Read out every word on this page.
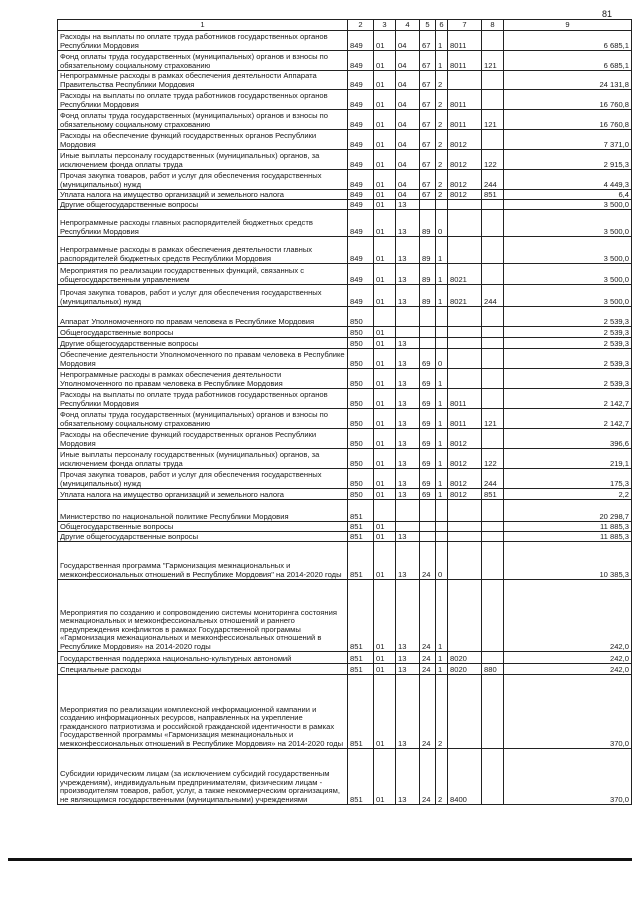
81
1	2	3	4	5	6	7	8	9
Расходы на выплаты по оплате труда работников государственных органов Республики Мордовия	849	01	04	67	1	8011		6 685,1
Фонд оплаты труда государственных (муниципальных) органов и взносы по обязательному социальному страхованию	849	01	04	67	1	8011	121	6 685,1
Непрограммные расходы в рамках обеспечения деятельности Аппарата Правительства Республики Мордовия	849	01	04	67	2			24 131,8
Расходы на выплаты по оплате труда работников государственных органов Республики Мордовия	849	01	04	67	2	8011		16 760,8
Фонд оплаты труда государственных (муниципальных) органов и взносы по обязательному социальному страхованию	849	01	04	67	2	8011	121	16 760,8
Расходы на обеспечение функций государственных органов Республики Мордовия	849	01	04	67	2	8012		7 371,0
Иные выплаты персоналу государственных (муниципальных) органов, за исключением фонда оплаты труда	849	01	04	67	2	8012	122	2 915,3
Прочая закупка товаров, работ и услуг для обеспечения государственных (муниципальных) нужд	849	01	04	67	2	8012	244	4 449,3
Уплата налога на имущество организаций и земельного налога	849	01	04	67	2	8012	851	6,4
Другие общегосударственные вопросы	849	01	13					3 500,0
Непрограммные расходы главных распорядителей бюджетных средств Республики Мордовия	849	01	13	89	0			3 500,0
Непрограммные расходы в рамках обеспечения деятельности главных распорядителей бюджетных средств Республики Мордовия	849	01	13	89	1			3 500,0
Мероприятия по реализации государственных функций, связанных с общегосударственным управлением	849	01	13	89	1	8021		3 500,0
Прочая закупка товаров, работ и услуг для обеспечения государственных (муниципальных) нужд	849	01	13	89	1	8021	244	3 500,0
Аппарат Уполномоченного по правам человека в Республике Мордовия	850							2 539,3
Общегосударственные вопросы	850	01						2 539,3
Другие общегосударственные вопросы	850	01	13					2 539,3
Обеспечение деятельности Уполномоченного по правам человека в Республике Мордовия	850	01	13	69	0			2 539,3
Непрограммные расходы в рамках обеспечения деятельности Уполномоченного по правам человека в Республике Мордовия	850	01	13	69	1			2 539,3
Расходы на выплаты по оплате труда работников государственных органов Республики Мордовия	850	01	13	69	1	8011		2 142,7
Фонд оплаты труда государственных (муниципальных) органов и взносы по обязательному социальному страхованию	850	01	13	69	1	8011	121	2 142,7
Расходы на обеспечение функций государственных органов Республики Мордовия	850	01	13	69	1	8012		396,6
Иные выплаты персоналу государственных (муниципальных) органов, за исключением фонда оплаты труда	850	01	13	69	1	8012	122	219,1
Прочая закупка товаров, работ и услуг для обеспечения государственных (муниципальных) нужд	850	01	13	69	1	8012	244	175,3
Уплата налога на имущество организаций и земельного налога	850	01	13	69	1	8012	851	2,2
Министерство по национальной политике Республики Мордовия	851							20 298,7
Общегосударственные вопросы	851	01						11 885,3
Другие общегосударственные вопросы	851	01	13					11 885,3
Государственная программа "Гармонизация межнациональных и межконфессиональных отношений в Республике Мордовия" на 2014-2020 годы	851	01	13	24	0			10 385,3
Мероприятия по созданию и сопровождению системы мониторинга состояния межнациональных и межконфессиональных отношений и раннего предупреждения конфликтов в рамках Государственной программы «Гармонизация межнациональных и межконфессиональных отношений в Республике Мордовия» на 2014-2020 годы	851	01	13	24	1			242,0
Государственная поддержка национально-культурных автономий	851	01	13	24	1	8020		242,0
Специальные расходы	851	01	13	24	1	8020	880	242,0
Мероприятия по реализации комплексной информационной кампании и созданию информационных ресурсов, направленных на укрепление гражданского патриотизма и российской гражданской идентичности в рамках Государственной программы «Гармонизация межнациональных и межконфессиональных отношений в Республике Мордовия» на 2014-2020 годы	851	01	13	24	2			370,0
Субсидии юридическим лицам (за исключением субсидий государственным учреждениям), индивидуальным предпринимателям, физическим лицам - производителям товаров, работ, услуг, а также некоммерческим организациям, не являющимся государственными (муниципальными) учреждениями	851	01	13	24	2	8400		370,0
